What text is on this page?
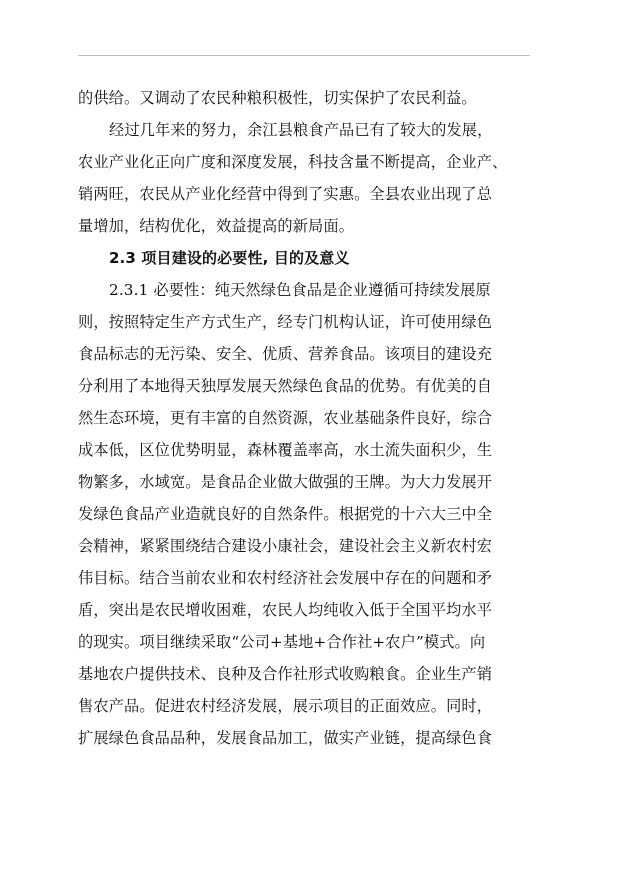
的供给。又调动了农民种粮积极性，切实保护了农民利益。
经过几年来的努力，余江县粮食产品已有了较大的发展，
农业产业化正向广度和深度发展，科技含量不断提高，企业产、
销两旺，农民从产业化经营中得到了实惠。全县农业出现了总
量增加，结构优化，效益提高的新局面。
2.3 项目建设的必要性, 目的及意义
2.3.1 必要性：纯天然绿色食品是企业遵循可持续发展原
则，按照特定生产方式生产，经专门机构认证，许可使用绿色
食品标志的无污染、安全、优质、营养食品。该项目的建设充
分利用了本地得天独厚发展天然绿色食品的优势。有优美的自
然生态环境，更有丰富的自然资源，农业基础条件良好，综合
成本低，区位优势明显，森林覆盖率高，水土流失面积少，生
物繁多，水域宽。是食品企业做大做强的王牌。为大力发展开
发绿色食品产业造就良好的自然条件。根据党的十六大三中全
会精神，紧紧围绕结合建设小康社会，建设社会主义新农村宏
伟目标。结合当前农业和农村经济社会发展中存在的问题和矛
盾，突出是农民增收困难，农民人均纯收入低于全国平均水平
的现实。项目继续采取“公司+基地+合作社+农户”模式。向
基地农户提供技术、良种及合作社形式收购粮食。企业生产销
售农产品。促进农村经济发展，展示项目的正面效应。同时，
扩展绿色食品品种，发展食品加工，做实产业链，提高绿色食
